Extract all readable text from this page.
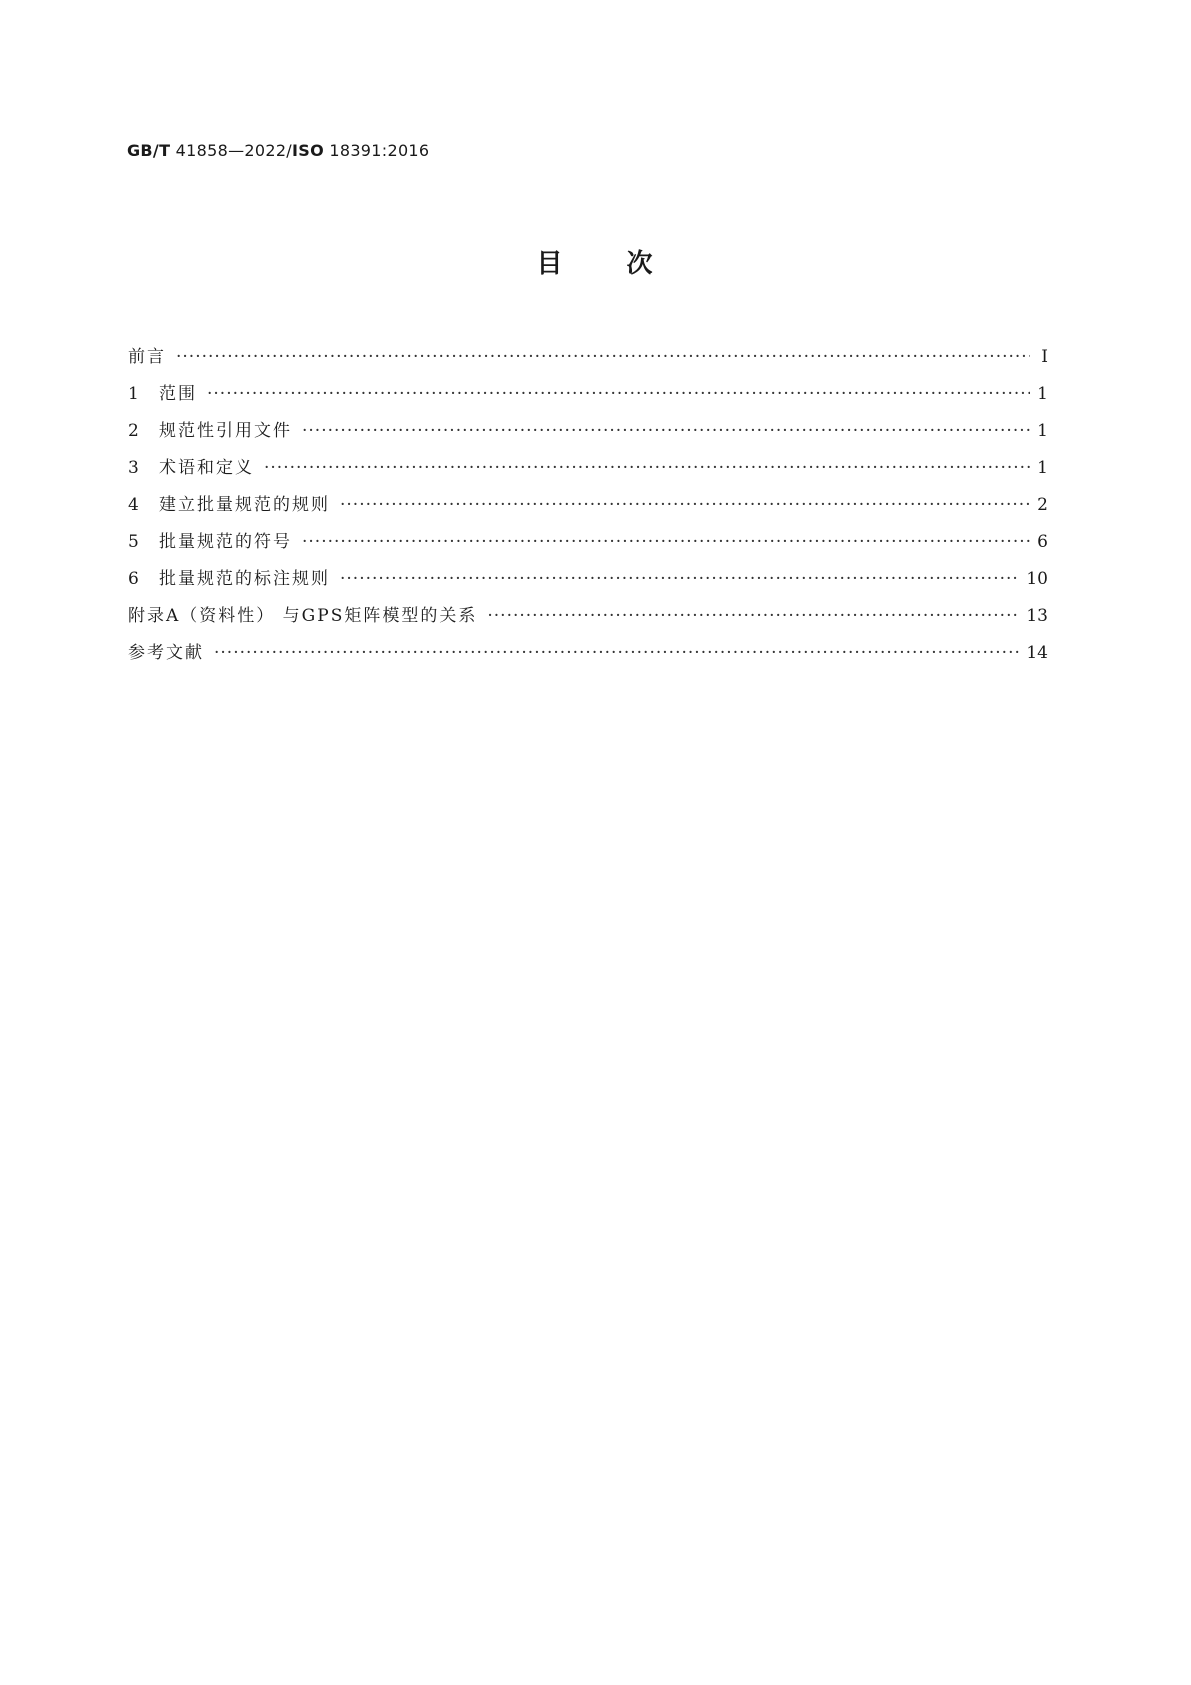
GB/T 41858—2022/ISO 18391:2016
目 次
前言 ·····	Ⅰ
1	范围 ·····	1
2	规范性引用文件 ·····	1
3	术语和定义 ·····	1
4	建立批量规范的规则 ·····	2
5	批量规范的符号 ·····	6
6	批量规范的标注规则 ·····	10
附录A（资料性） 与GPS矩阵模型的关系 ·····	13
参考文献 ·····	14
